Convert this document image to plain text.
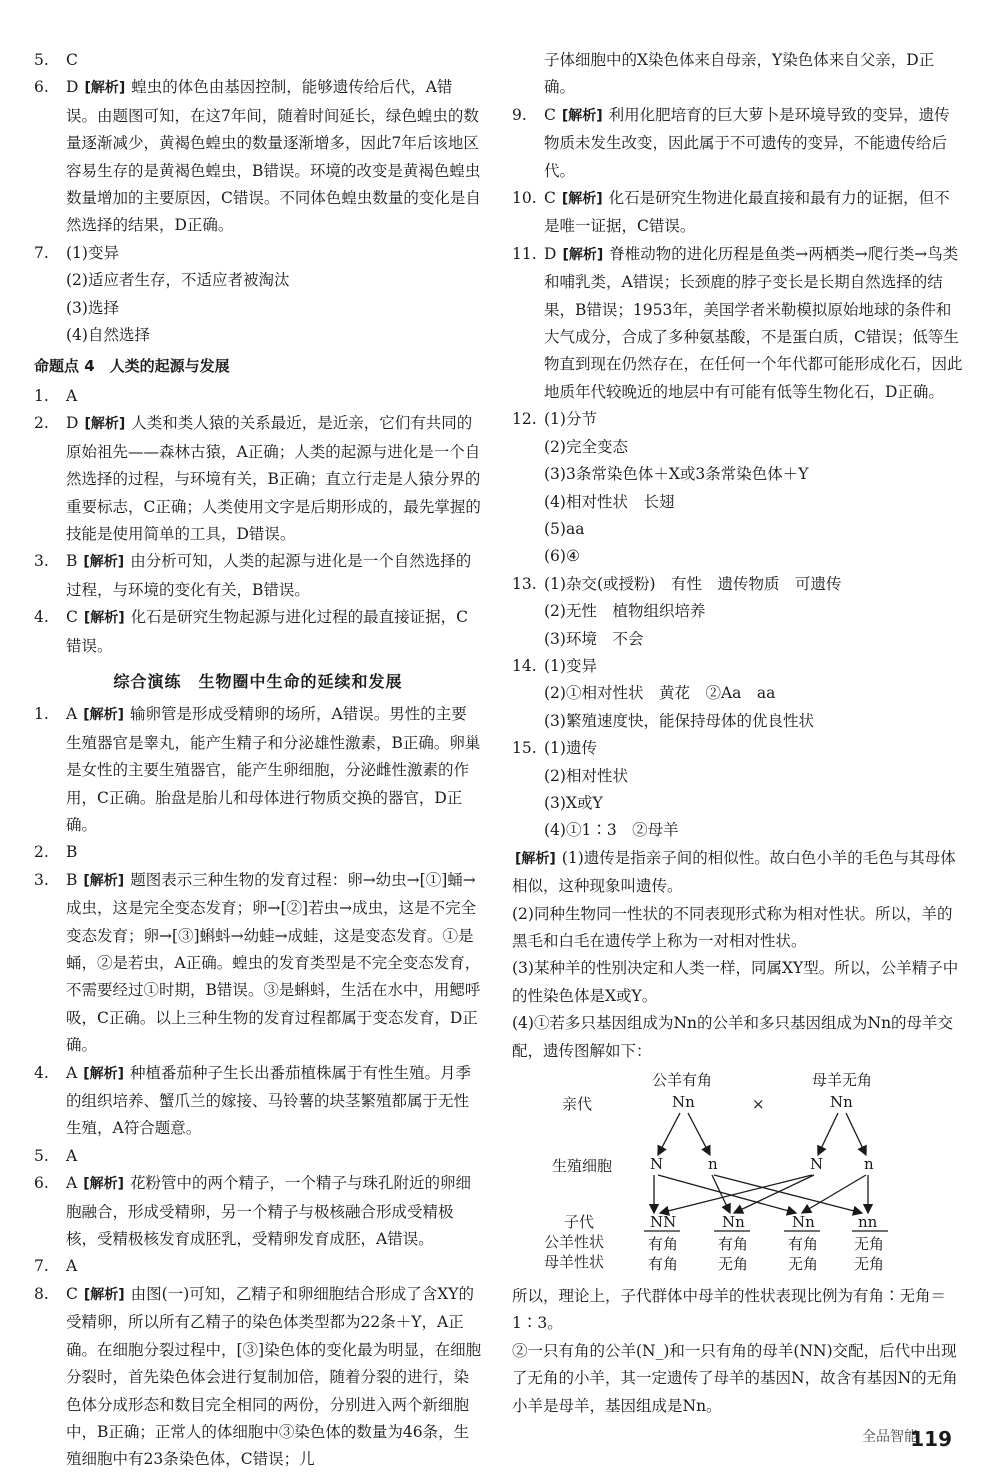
5. C
6. D [解析] 蝗虫的体色由基因控制，能够遗传给后代，A错误。由题图可知，在这7年间，随着时间延长，绿色蝗虫的数量逐渐减少，黄褐色蝗虫的数量逐渐增多，因此7年后该地区容易生存的是黄褐色蝗虫，B错误。环境的改变是黄褐色蝗虫数量增加的主要原因，C错误。不同体色蝗虫数量的变化是自然选择的结果，D正确。
7. (1)变异
(2)适应者生存，不适应者被淘汰
(3)选择
(4)自然选择
命题点 4　人类的起源与发展
1. A
2. D [解析] 人类和类人猿的关系最近，是近亲，它们有共同的原始祖先——森林古猿，A正确；人类的起源与进化是一个自然选择的过程，与环境有关，B正确；直立行走是人猿分界的重要标志，C正确；人类使用文字是后期形成的，最先掌握的技能是使用简单的工具，D错误。
3. B [解析] 由分析可知，人类的起源与进化是一个自然选择的过程，与环境的变化有关，B错误。
4. C [解析] 化石是研究生物起源与进化过程的最直接证据，C错误。
综合演练　生物圈中生命的延续和发展
1. A [解析] 输卵管是形成受精卵的场所，A错误。男性的主要生殖器官是睾丸，能产生精子和分泌雄性激素，B正确。卵巢是女性的主要生殖器官，能产生卵细胞，分泌雌性激素的作用，C正确。胎盘是胎儿和母体进行物质交换的器官，D正确。
2. B
3. B [解析] 题图表示三种生物的发育过程：卵→幼虫→[①]蛹→成虫，这是完全变态发育；卵→[②]若虫→成虫，这是不完全变态发育；卵→[③]蝌蚪→幼蛙→成蛙，这是变态发育。①是蛹，②是若虫，A正确。蝗虫的发育类型是不完全变态发育，不需要经过①时期，B错误。③是蝌蚪，生活在水中，用鳃呼吸，C正确。以上三种生物的发育过程都属于变态发育，D正确。
4. A [解析] 种植番茄种子生长出番茄植株属于有性生殖。月季的组织培养、蟹爪兰的嫁接、马铃薯的块茎繁殖都属于无性生殖，A符合题意。
5. A
6. A [解析] 花粉管中的两个精子，一个精子与珠孔附近的卵细胞融合，形成受精卵，另一个精子与极核融合形成受精极核，受精极核发育成胚乳，受精卵发育成胚，A错误。
7. A
8. C [解析] 由图(一)可知，乙精子和卵细胞结合形成了含XY的受精卵，所以所有乙精子的染色体类型都为22条＋Y，A正确。在细胞分裂过程中，[③]染色体的变化最为明显，在细胞分裂时，首先染色体会进行复制加倍，随着分裂的进行，染色体分成形态和数目完全相同的两份，分别进入两个新细胞中，B正确；正常人的体细胞中③染色体的数量为46条，生殖细胞中有23条染色体，C错误；儿
子体细胞中的X染色体来自母亲，Y染色体来自父亲，D正确。
9. C [解析] 利用化肥培育的巨大萝卜是环境导致的变异，遗传物质未发生改变，因此属于不可遗传的变异，不能遗传给后代。
10. C [解析] 化石是研究生物进化最直接和最有力的证据，但不是唯一证据，C错误。
11. D [解析] 脊椎动物的进化历程是鱼类→两栖类→爬行类→鸟类和哺乳类，A错误；长颈鹿的脖子变长是长期自然选择的结果，B错误；1953年，美国学者米勒模拟原始地球的条件和大气成分，合成了多种氨基酸，不是蛋白质，C错误；低等生物直到现在仍然存在，在任何一个年代都可能形成化石，因此地质年代较晚近的地层中有可能有低等生物化石，D正确。
12. (1)分节
(2)完全变态
(3)3条常染色体＋X或3条常染色体＋Y
(4)相对性状　长翅
(5)aa
(6)④
13. (1)杂交(或授粉)　有性　遗传物质　可遗传
(2)无性　植物组织培养
(3)环境　不会
14. (1)变异
(2)①相对性状　黄花　②Aa　aa
(3)繁殖速度快，能保持母体的优良性状
15. (1)遗传
(2)相对性状
(3)X或Y
(4)①1∶3　②母羊
[解析] (1)遗传是指亲子间的相似性。故白色小羊的毛色与其母体相似，这种现象叫遗传。
(2)同种生物同一性状的不同表现形式称为相对性状。所以，羊的黑毛和白毛在遗传学上称为一对相对性状。
(3)某种羊的性别决定和人类一样，同属XY型。所以，公羊精子中的性染色体是X或Y。
(4)①若多只基因组成为Nn的公羊和多只基因组成为Nn的母羊交配，遗传图解如下：
亲代
公羊有角
Nn	×
母羊无角
Nn
生殖细胞	N	n	N	n
子代
公羊性状
母羊性状
NN	Nn	Nn	nn
有角	有角	有角 无角
有角	无角	无角 无角
所以，理论上，子代群体中母羊的性状表现比例为有角∶无角＝1∶3。
②一只有角的公羊(N_)和一只有角的母羊(NN)交配，后代中出现了无角的小羊，其一定遗传了母羊的基因N，故含有基因N的无角小羊是母羊，基因组成是Nn。
全品智能
119
